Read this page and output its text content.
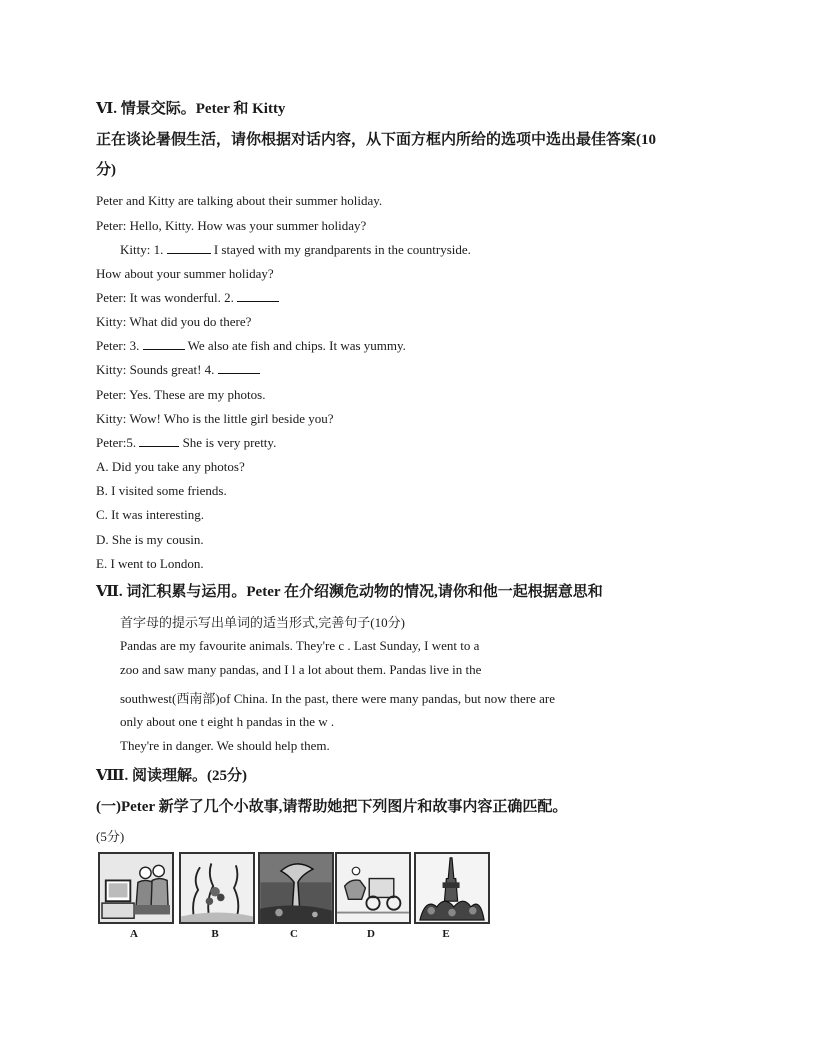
Ⅵ. 情景交际。Peter 和 Kitty
正在谈论暑假生活，请你根据对话内容，从下面方框内所给的选项中选出最佳答案(10
分)
Peter and Kitty are talking about their summer holiday.
Peter: Hello, Kitty. How was your summer holiday?
Kitty: 1.	I stayed with my grandparents in the countryside.
How about your summer holiday?
Peter: It was wonderful. 2.
Kitty: What did you do there?
Peter: 3.	We also ate fish and chips. It was yummy.
Kitty: Sounds great! 4.
Peter: Yes. These are my photos.
Kitty: Wow! Who is the little girl beside you?
Peter:5.	She is very pretty.
A. Did you take any photos?
B. I visited some friends.
C. It was interesting.
D. She is my cousin.
E. I went to London.
Ⅶ. 词汇积累与运用。Peter 在介绍濒危动物的情况,请你和他一起根据意思和
首字母的提示写出单词的适当形式,完善句子(10分)
Pandas are my favourite animals. They're c . Last Sunday, I went to a
zoo and saw many pandas, and I l a lot about them. Pandas live in the
southwest(西南部)of China. In the past, there were many pandas, but now there are
only about one t eight h pandas in the w .
They're in danger. We should help them.
Ⅷ. 阅读理解。(25分)
(一)Peter 新学了几个小故事,请帮助她把下列图片和故事内容正确匹配。
(5分)
A	B	C	D	E
